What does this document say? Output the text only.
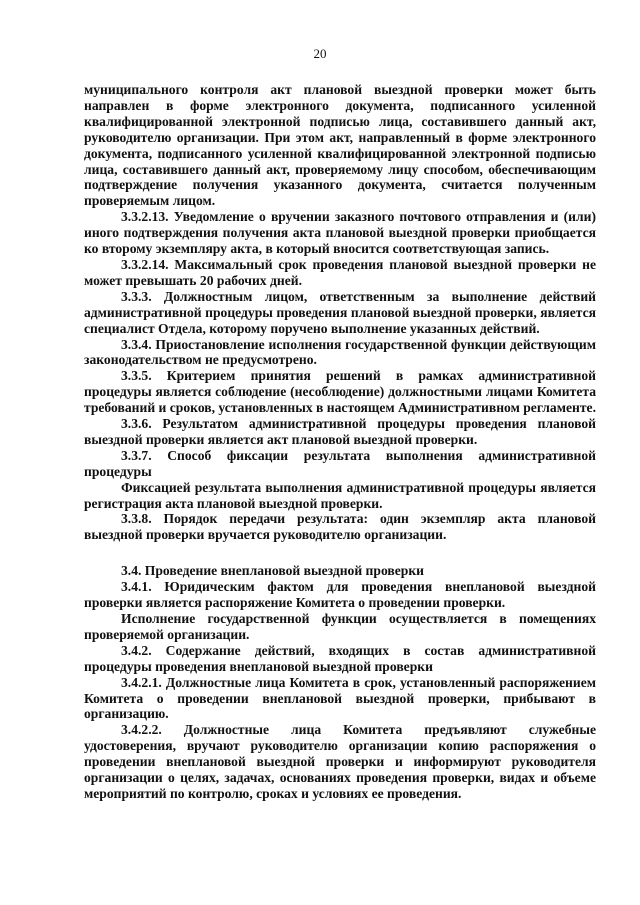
20

муниципального контроля акт плановой выездной проверки может быть направлен в форме электронного документа, подписанного усиленной квалифицированной электронной подписью лица, составившего данный акт, руководителю организации. При этом акт, направленный в форме электронного документа, подписанного усиленной квалифицированной электронной подписью лица, составившего данный акт, проверяемому лицу способом, обеспечивающим подтверждение получения указанного документа, считается полученным проверяемым лицом.

3.3.2.13. Уведомление о вручении заказного почтового отправления и (или) иного подтверждения получения акта плановой выездной проверки приобщается ко второму экземпляру акта, в который вносится соответствующая запись.

3.3.2.14. Максимальный срок проведения плановой выездной проверки не может превышать 20 рабочих дней.

3.3.3. Должностным лицом, ответственным за выполнение действий административной процедуры проведения плановой выездной проверки, является специалист Отдела, которому поручено выполнение указанных действий.

3.3.4. Приостановление исполнения государственной функции действующим законодательством не предусмотрено.

3.3.5. Критерием принятия решений в рамках административной процедуры является соблюдение (несоблюдение) должностными лицами Комитета требований и сроков, установленных в настоящем Административном регламенте.

3.3.6. Результатом административной процедуры проведения плановой выездной проверки является акт плановой выездной проверки.

3.3.7. Способ фиксации результата выполнения административной процедуры

Фиксацией результата выполнения административной процедуры является регистрация акта плановой выездной проверки.

3.3.8. Порядок передачи результата: один экземпляр акта плановой выездной проверки вручается руководителю организации.

3.4. Проведение внеплановой выездной проверки

3.4.1. Юридическим фактом для проведения внеплановой выездной проверки является распоряжение Комитета о проведении проверки.

Исполнение государственной функции осуществляется в помещениях проверяемой организации.

3.4.2. Содержание действий, входящих в состав административной процедуры проведения внеплановой выездной проверки

3.4.2.1. Должностные лица Комитета в срок, установленный распоряжением Комитета о проведении внеплановой выездной проверки, прибывают в организацию.

3.4.2.2. Должностные лица Комитета предъявляют служебные удостоверения, вручают руководителю организации копию распоряжения о проведении внеплановой выездной проверки и информируют руководителя организации о целях, задачах, основаниях проведения проверки, видах и объеме мероприятий по контролю, сроках и условиях ее проведения.
